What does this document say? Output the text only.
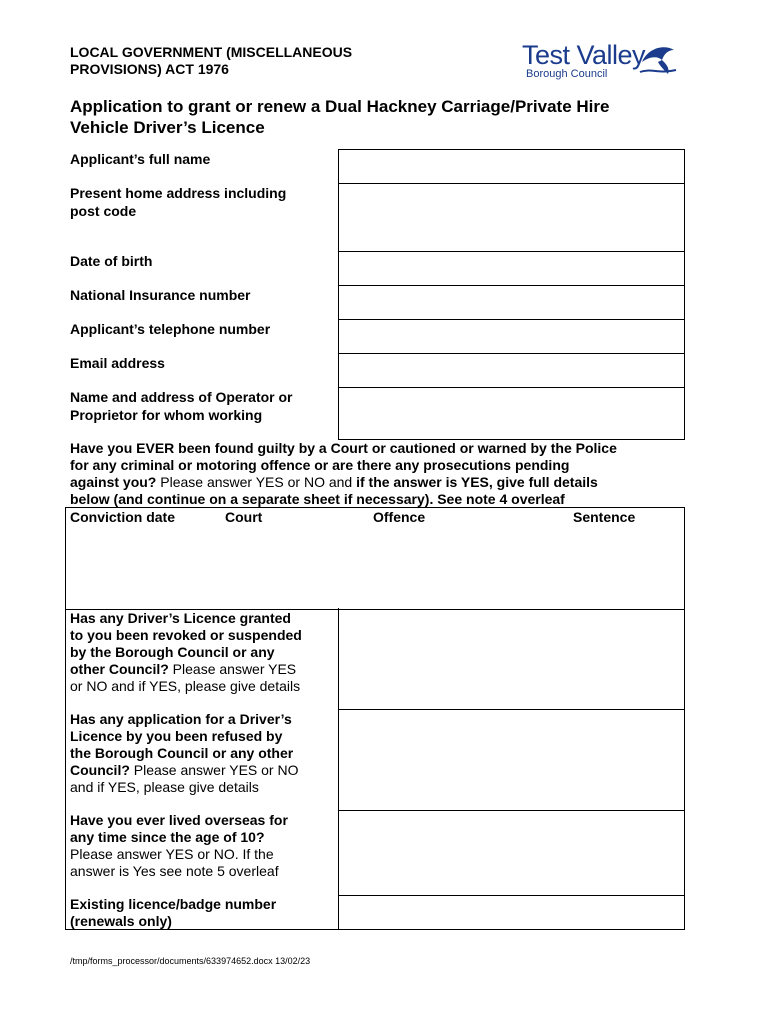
LOCAL GOVERNMENT (MISCELLANEOUS
PROVISIONS) ACT 1976	Test Valley
Borough Council
Application to grant or renew a Dual Hackney Carriage/Private Hire
Vehicle Driver’s Licence
Applicant’s full name
Present home address including
post code
Date of birth
National Insurance number
Applicant’s telephone number
Email address
Name and address of Operator or
Proprietor for whom working
Have you EVER been found guilty by a Court or cautioned or warned by the Police
for any criminal or motoring offence or are there any prosecutions pending
against you? Please answer YES or NO and if the answer is YES, give full details
below (and continue on a separate sheet if necessary). See note 4 overleaf
Conviction date	Court	Offence	Sentence
Has any Driver’s Licence granted
to you been revoked or suspended
by the Borough Council or any
other Council? Please answer YES
or NO and if YES, please give details
Has any application for a Driver’s
Licence by you been refused by
the Borough Council or any other
Council? Please answer YES or NO
and if YES, please give details
Have you ever lived overseas for
any time since the age of 10?
Please answer YES or NO. If the
answer is Yes see note 5 overleaf
Existing licence/badge number
(renewals only)
/tmp/forms_processor/documents/633974652.docx 13/02/23
